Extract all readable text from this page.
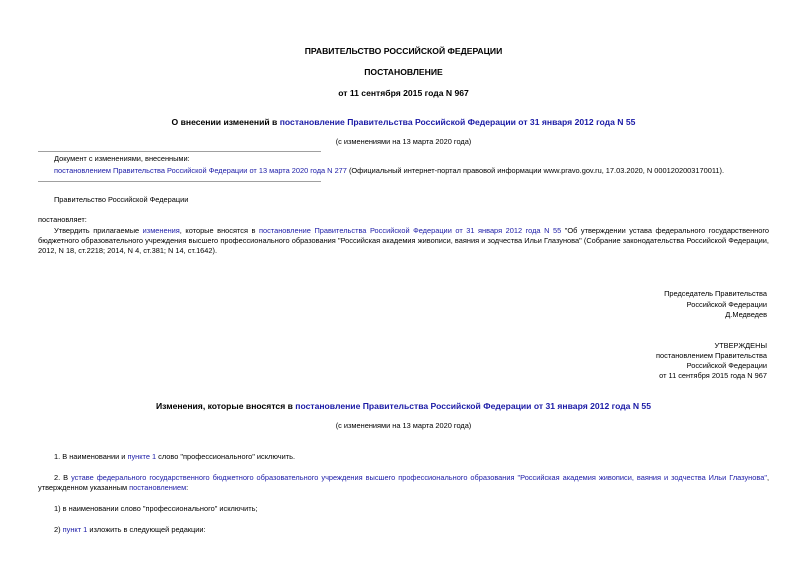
ПРАВИТЕЛЬСТВО РОССИЙСКОЙ ФЕДЕРАЦИИ
ПОСТАНОВЛЕНИЕ
от 11 сентября 2015 года N 967
О внесении изменений в постановление Правительства Российской Федерации от 31 января 2012 года N 55
(с изменениями на 13 марта 2020 года)
Документ с изменениями, внесенными:
постановлением Правительства Российской Федерации от 13 марта 2020 года N 277 (Официальный интернет-портал правовой информации www.pravo.gov.ru, 17.03.2020, N 0001202003170011).
Правительство Российской Федерации
постановляет:
Утвердить прилагаемые изменения, которые вносятся в постановление Правительства Российской Федерации от 31 января 2012 года N 55 "Об утверждении устава федерального государственного бюджетного образовательного учреждения высшего профессионального образования "Российская академия живописи, ваяния и зодчества Ильи Глазунова" (Собрание законодательства Российской Федерации, 2012, N 18, ст.2218; 2014, N 4, ст.381; N 14, ст.1642).
Председатель Правительства
Российской Федерации
Д.Медведев
УТВЕРЖДЕНЫ
постановлением Правительства
Российской Федерации
от 11 сентября 2015 года N 967
Изменения, которые вносятся в постановление Правительства Российской Федерации от 31 января 2012 года N 55
(с изменениями на 13 марта 2020 года)
1. В наименовании и пункте 1 слово "профессионального" исключить.
2. В уставе федерального государственного бюджетного образовательного учреждения высшего профессионального образования "Российская академия живописи, ваяния и зодчества Ильи Глазунова", утвержденном указанным постановлением:
1) в наименовании слово "профессионального" исключить;
2) пункт 1 изложить в следующей редакции:
